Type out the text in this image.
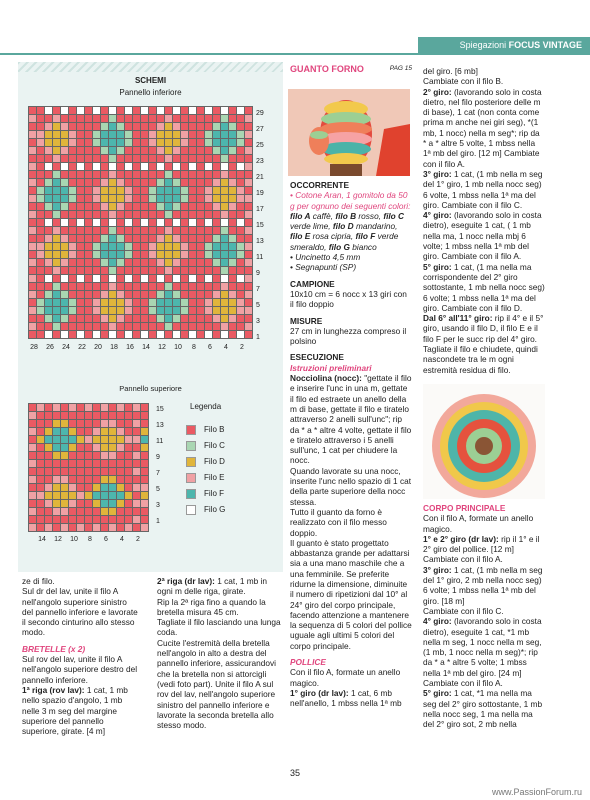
Spiegazioni FOCUS VINTAGE
SCHEMI
Pannello inferiore
29
27
25
23
21
19
17
15
13
11
9
7
5
3
1
28	26	24	22	20	18	16	14	12	10	8	6	4	2
Pannello superiore
15
13
11
9
7
5
3
1
14	12	10	8	6	4	2
Legenda
Filo B
Filo C
Filo D
Filo E
Filo F
Filo G

GUANTO FORNO	PAG 15

OCCORRENTE

• Cotone Aran, 1 gomitolo da 50 g per ognuno dei seguenti colori: filo A caffè, filo B rosso, filo C verde lime, filo D mandarino, filo E rosa cipria, filo F verde smeraldo, filo G bianco

• Uncinetto 4,5 mm

• Segnapunti (SP)

CAMPIONE

10x10 cm = 6 nocc x 13 giri con il filo doppio

MISURE

27 cm in lunghezza compreso il polsino

ESECUZIONE

Istruzioni preliminari

Nocciolina (nocc): "gettate il filo e inserire l'unc in una m, gettate il filo ed estraete un anello della m di base, gettate il filo e tiratelo attraverso 2 anelli sull'unc"; rip da * a * altre 4 volte, gettate il filo e tiratelo attraverso i 5 anelli sull'unc, 1 cat per chiudere la nocc.

Quando lavorate su una nocc, inserite l'unc nello spazio di 1 cat della parte superiore della nocc stessa.

Tutto il guanto da forno è realizzato con il filo messo doppio.

Il guanto è stato progettato abbastanza grande per adattarsi sia a una mano maschile che a una femminile. Se preferite ridurne la dimensione, diminuite il numero di ripetizioni dal 10° al 24° giro del corpo principale, facendo attenzione a mantenere la sequenza di 5 colori del pollice uguale agli ultimi 5 colori del corpo principale.

POLLICE

Con il filo A, formate un anello magico.

1° giro (dr lav): 1 cat, 6 mb nell'anello, 1 mbss nella 1ª mb

del giro. [6 mb]

Cambiate con il filo B.

2° giro: (lavorando solo in costa dietro, nel filo posteriore delle m di base), 1 cat (non conta come prima m anche nei giri seg), *(1 mb, 1 nocc) nella m seg*; rip da * a * altre 5 volte, 1 mbss nella 1ª mb del giro. [12 m] Cambiate con il filo A.

3° giro: 1 cat, (1 mb nella m seg del 1° giro, 1 mb nella nocc seg) 6 volte, 1 mbss nella 1ª ma del giro. Cambiate con il filo C.

4° giro: (lavorando solo in costa dietro), eseguite 1 cat, ( 1 mb nella ma, 1 nocc nella mbj 6 volte; 1 mbss nella 1ª mb del giro. Cambiate con il filo A.

5° giro: 1 cat, (1 ma nella ma corrispondente del 2° giro sottostante, 1 mb nella nocc seg) 6 volte; 1 mbss nella 1ª ma del giro. Cambiate con il filo D.

Dal 6° all'11° giro: rip il 4° e il 5° giro, usando il filo D, il filo E e il filo F per le succ rip del 4° giro. Tagliate il filo e chiudete, quindi nascondete tra le m ogni estremità residua di filo.

CORPO PRINCIPALE

Con il filo A, formate un anello magico.

1° e 2° giro (dr lav): rip il 1° e il 2° giro del pollice. [12 m]

Cambiate con il filo A.

3° giro: 1 cat, (1 mb nella m seg del 1° giro, 2 mb nella nocc seg) 6 volte; 1 mbss nella 1ª mb del giro. [18 m]

Cambiate con il filo C.

4° giro: (lavorando solo in costa dietro), eseguite 1 cat, *1 mb nella m seg, 1 nocc nella m seg, (1 mb, 1 nocc nella m seg)*; rip da * a * altre 5 volte; 1 mbss nella 1ª mb del giro. [24 m]

Cambiate con il filo A.

5° giro: 1 cat, *1 ma nella ma seg del 2° giro sottostante, 1 mb nella nocc seg, 1 ma nella ma del 2° giro sot, 2 mb nella

ze di filo.

Sul dr del lav, unite il filo A nell'angolo superiore sinistro del pannello inferiore e lavorate il secondo cinturino allo stesso modo.

BRETELLE (x 2)

Sul rov del lav, unite il filo A nell'angolo superiore destro del pannello inferiore.

1ª riga (rov lav): 1 cat, 1 mb nello spazio d'angolo, 1 mb nelle 3 m seg del margine superiore del pannello superiore, girate. [4 m]

2ª riga (dr lav): 1 cat, 1 mb in ogni m delle riga, girate.

Rip la 2ª riga fino a quando la bretella misura 45 cm.

Tagliate il filo lasciando una lunga coda.

Cucite l'estremità della bretella nell'angolo in alto a destra del pannello inferiore, assicurandovi che la bretella non si attorcigli (vedi foto part). Unite il filo A sul rov del lav, nell'angolo superiore sinistro del pannello inferiore e lavorate la seconda bretella allo stesso modo.

35
www.PassionForum.ru
